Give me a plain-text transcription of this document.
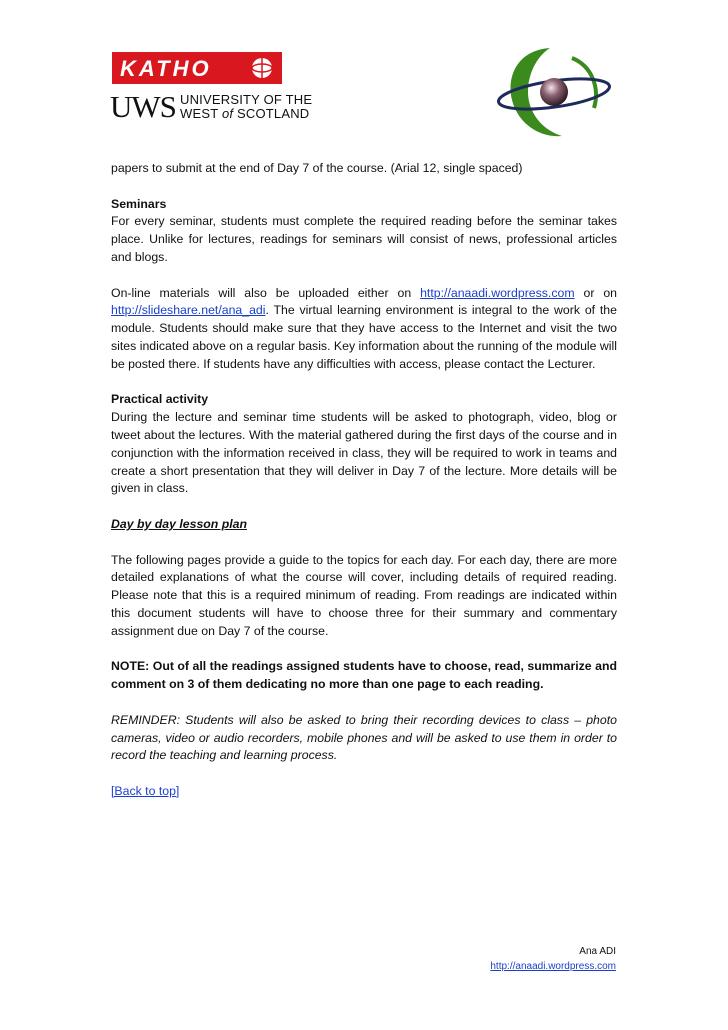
KATHO
UWS UNIVERSITY OF THE
WEST of SCOTLAND

papers to submit at the end of Day 7 of the course. (Arial 12, single spaced)

Seminars

For every seminar, students must complete the required reading before the seminar takes place. Unlike for lectures, readings for seminars will consist of news, professional articles and blogs.

On-line materials will also be uploaded either on http://anaadi.wordpress.com or on http://slideshare.net/ana_adi. The virtual learning environment is integral to the work of the module. Students should make sure that they have access to the Internet and visit the two sites indicated above on a regular basis. Key information about the running of the module will be posted there. If students have any difficulties with access, please contact the Lecturer.

Practical activity

During the lecture and seminar time students will be asked to photograph, video, blog or tweet about the lectures. With the material gathered during the first days of the course and in conjunction with the information received in class, they will be required to work in teams and create a short presentation that they will deliver in Day 7 of the lecture. More details will be given in class.

Day by day lesson plan

The following pages provide a guide to the topics for each day. For each day, there are more detailed explanations of what the course will cover, including details of required reading. Please note that this is a required minimum of reading. From readings are indicated within this document students will have to choose three for their summary and commentary assignment due on Day 7 of the course.

NOTE: Out of all the readings assigned students have to choose, read, summarize and comment on 3 of them dedicating no more than one page to each reading.

REMINDER: Students will also be asked to bring their recording devices to class – photo cameras, video or audio recorders, mobile phones and will be asked to use them in order to record the teaching and learning process.

[Back to top]
Ana ADI
http://anaadi.wordpress.com
